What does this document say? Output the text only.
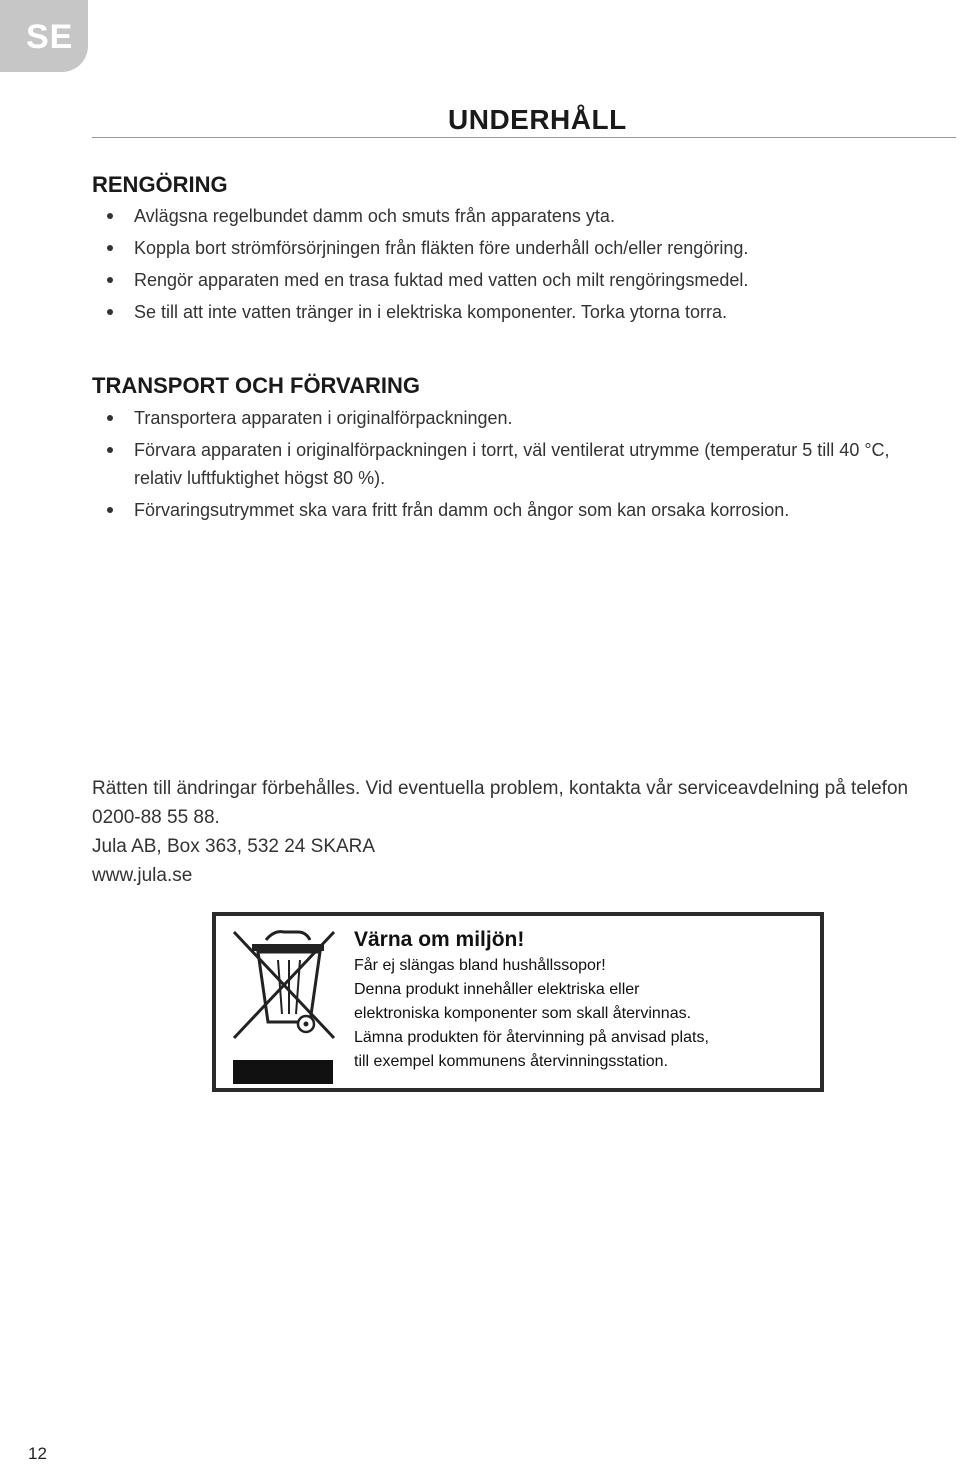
SE
UNDERHÅLL
RENGÖRING
Avlägsna regelbundet damm och smuts från apparatens yta.
Koppla bort strömförsörjningen från fläkten före underhåll och/eller rengöring.
Rengör apparaten med en trasa fuktad med vatten och milt rengöringsmedel.
Se till att inte vatten tränger in i elektriska komponenter. Torka ytorna torra.
TRANSPORT OCH FÖRVARING
Transportera apparaten i originalförpackningen.
Förvara apparaten i originalförpackningen i torrt, väl ventilerat utrymme (temperatur 5 till 40 °C, relativ luftfuktighet högst 80 %).
Förvaringsutrymmet ska vara fritt från damm och ångor som kan orsaka korrosion.

Rätten till ändringar förbehålles. Vid eventuella problem, kontakta vår serviceavdelning på telefon 0200-88 55 88.

Jula AB, Box 363, 532 24 SKARA

www.jula.se

Värna om miljön!

Får ej slängas bland hushållssopor!

Denna produkt innehåller elektriska eller

elektroniska komponenter som skall återvinnas.

Lämna produkten för återvinning på anvisad plats,

till exempel kommunens återvinningsstation.

12
